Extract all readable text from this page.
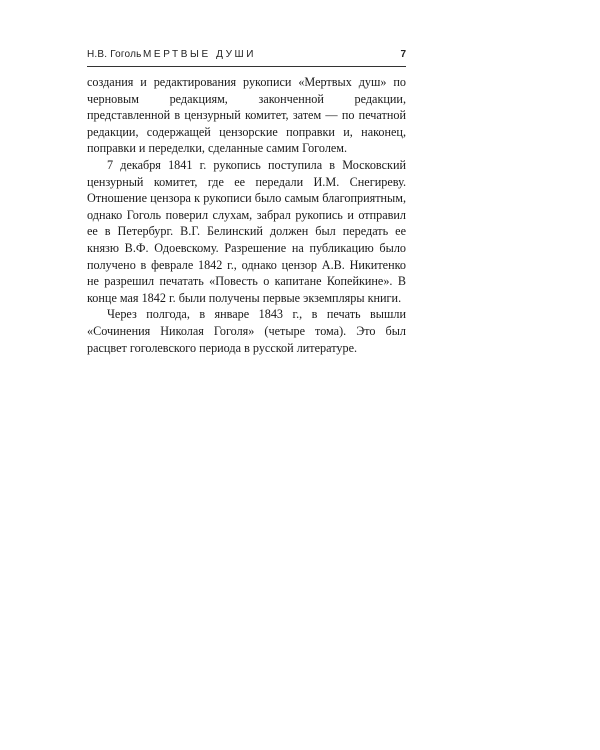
Н.В. Гоголь МЕРТВЫЕ ДУШИ	7

создания и редактирования рукописи «Мертвых душ» по черновым редакциям, законченной редакции, представленной в цензурный комитет, затем — по печатной редакции, содержащей цензорские поправки и, наконец, поправки и переделки, сделанные самим Гоголем.

7 декабря 1841 г. рукопись поступила в Московский цензурный комитет, где ее передали И.М. Снегиреву. Отношение цензора к рукописи было самым благоприятным, однако Гоголь поверил слухам, забрал рукопись и отправил ее в Петербург. В.Г. Белинский должен был передать ее князю В.Ф. Одоевскому. Разрешение на публикацию было получено в феврале 1842 г., однако цензор А.В. Никитенко не разрешил печатать «Повесть о капитане Копейкине». В конце мая 1842 г. были получены первые экземпляры книги.

Через полгода, в январе 1843 г., в печать вышли «Сочинения Николая Гоголя» (четыре тома). Это был расцвет гоголевского периода в русской литературе.
